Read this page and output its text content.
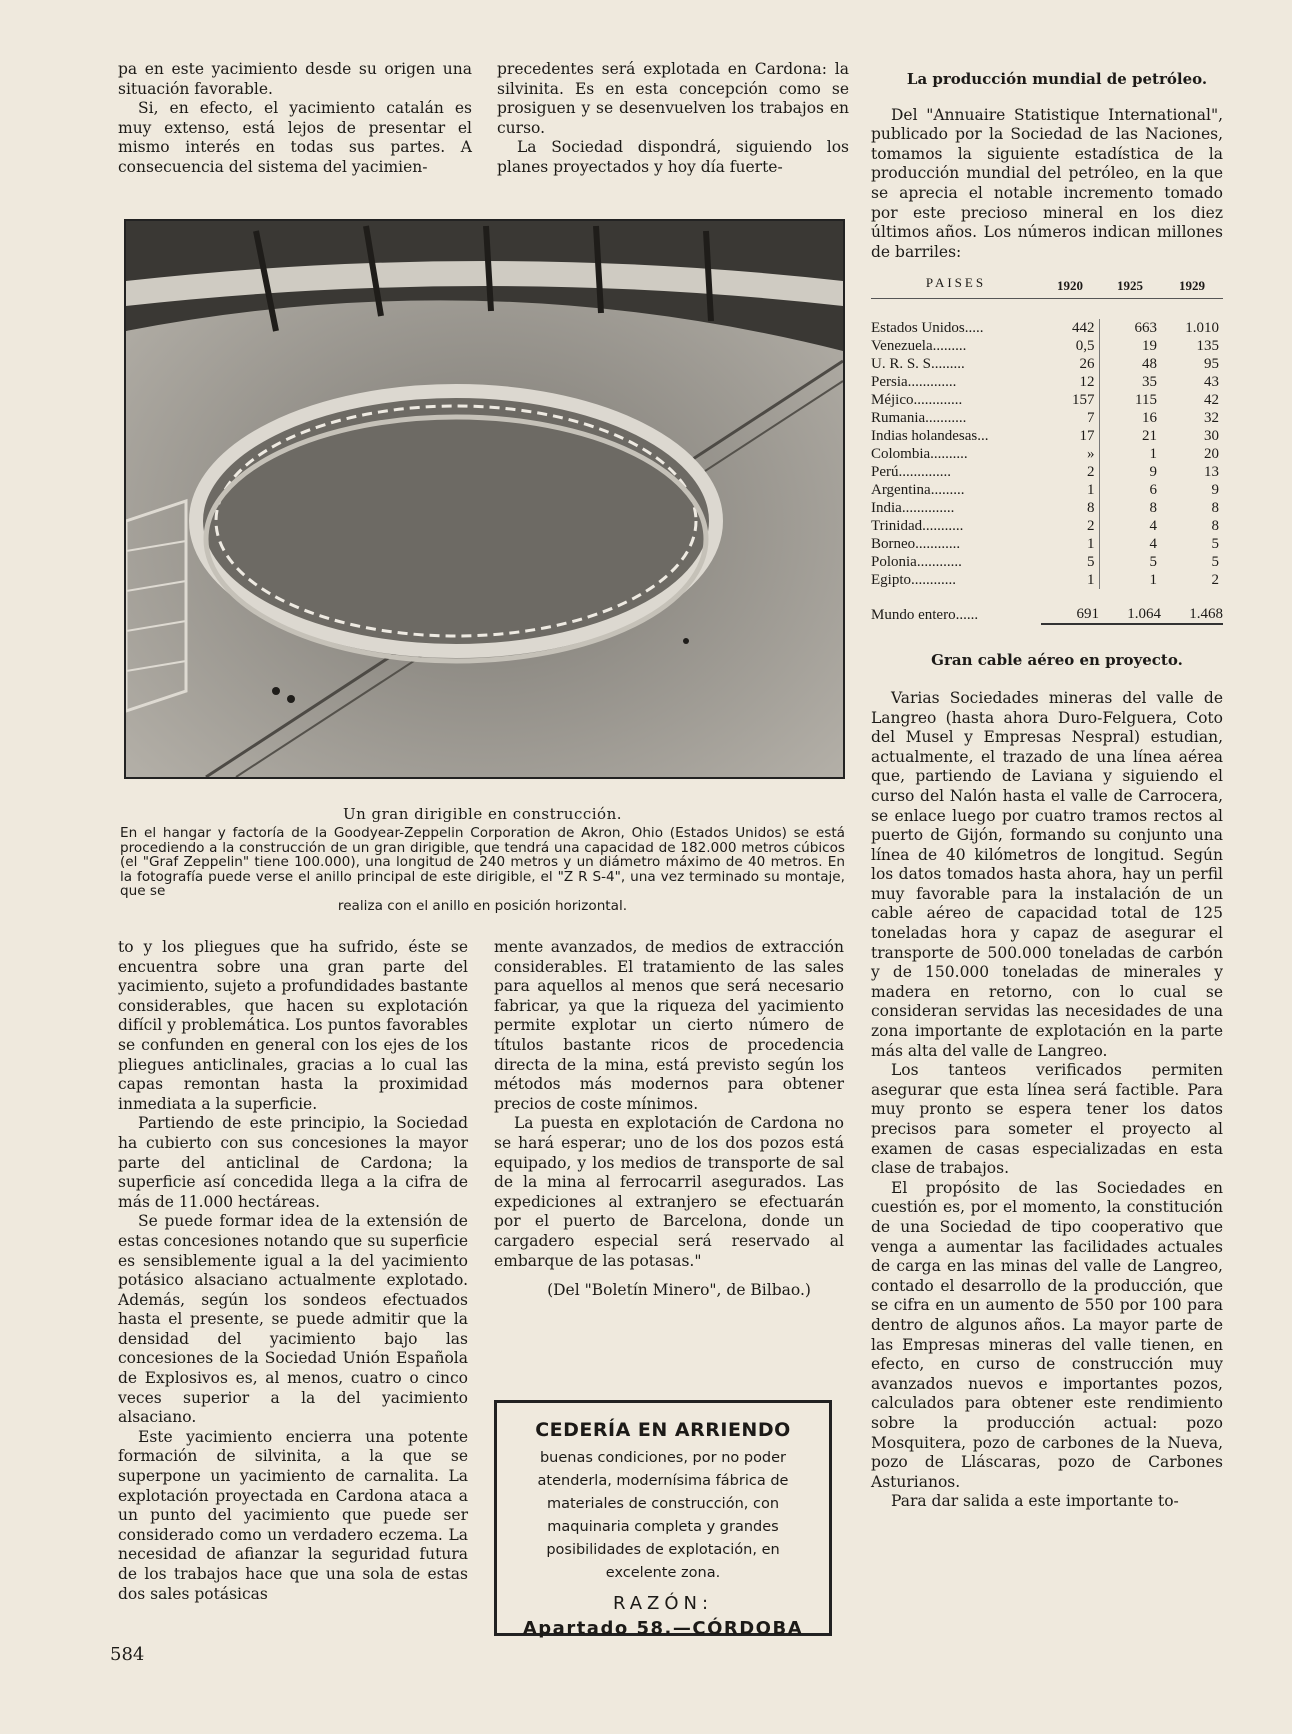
pa en este yacimiento desde su origen una situación favorable.

Si, en efecto, el yacimiento catalán es muy extenso, está lejos de presentar el mismo interés en todas sus partes. A consecuencia del sistema del yacimien-

precedentes será explotada en Cardona: la silvinita. Es en esta concepción como se prosiguen y se desenvuelven los trabajos en curso.

La Sociedad dispondrá, siguiendo los planes proyectados y hoy día fuerte-

Un gran dirigible en construcción.
En el hangar y factoría de la Goodyear-Zeppelin Corporation de Akron, Ohio (Estados Unidos) se está procediendo a la construcción de un gran dirigible, que tendrá una capacidad de 182.000 metros cúbicos (el "Graf Zeppelin" tiene 100.000), una longitud de 240 metros y un diámetro máximo de 40 metros. En la fotografía puede verse el anillo principal de este dirigible, el "Z R S-4", una vez terminado su montaje, que se
realiza con el anillo en posición horizontal.

to y los pliegues que ha sufrido, éste se encuentra sobre una gran parte del yacimiento, sujeto a profundidades bastante considerables, que hacen su explotación difícil y problemática. Los puntos favorables se confunden en general con los ejes de los pliegues anticlinales, gracias a lo cual las capas remontan hasta la proximidad inmediata a la superficie.

Partiendo de este principio, la Sociedad ha cubierto con sus concesiones la mayor parte del anticlinal de Cardona; la superficie así concedida llega a la cifra de más de 11.000 hectáreas.

Se puede formar idea de la extensión de estas concesiones notando que su superficie es sensiblemente igual a la del yacimiento potásico alsaciano actualmente explotado. Además, según los sondeos efectuados hasta el presente, se puede admitir que la densidad del yacimiento bajo las concesiones de la Sociedad Unión Española de Explosivos es, al menos, cuatro o cinco veces superior a la del yacimiento alsaciano.

Este yacimiento encierra una potente formación de silvinita, a la que se superpone un yacimiento de carnalita. La explotación proyectada en Cardona ataca a un punto del yacimiento que puede ser considerado como un verdadero eczema. La necesidad de afianzar la seguridad futura de los trabajos hace que una sola de estas dos sales potásicas

mente avanzados, de medios de extracción considerables. El tratamiento de las sales para aquellos al menos que será necesario fabricar, ya que la riqueza del yacimiento permite explotar un cierto número de títulos bastante ricos de procedencia directa de la mina, está previsto según los métodos más modernos para obtener precios de coste mínimos.

La puesta en explotación de Cardona no se hará esperar; uno de los dos pozos está equipado, y los medios de transporte de sal de la mina al ferrocarril asegurados. Las expediciones al extranjero se efectuarán por el puerto de Barcelona, donde un cargadero especial será reservado al embarque de las potasas."

(Del "Boletín Minero", de Bilbao.)

CEDERÍA EN ARRIENDO
buenas condiciones, por no poder atenderla, modernísima fábrica de materiales de construcción, con maquinaria completa y grandes posibilidades de explotación, en excelente zona.
RAZÓN:
Apartado 58.—CÓRDOBA

La producción mundial de petróleo.

Del "Annuaire Statistique International", publicado por la Sociedad de las Naciones, tomamos la siguiente estadística de la producción mundial del petróleo, en la que se aprecia el notable incremento tomado por este precioso mineral en los diez últimos años. Los números indican millones de barriles:

PAISES	1920	1925	1929

Estados Unidos.....	442	663	1.010
Venezuela.........	0,5	19	135
U. R. S. S.........	26	48	95
Persia.............	12	35	43
Méjico.............	157	115	42
Rumania...........	7	16	32
Indias holandesas...	17	21	30
Colombia..........	»	1	20
Perú..............	2	9	13
Argentina.........	1	6	9
India..............	8	8	8
Trinidad...........	2	4	8
Borneo............	1	4	5
Polonia............	5	5	5
Egipto............	1	1	2

Mundo entero......	691	1.064	1.468

Gran cable aéreo en proyecto.

Varias Sociedades mineras del valle de Langreo (hasta ahora Duro-Felguera, Coto del Musel y Empresas Nespral) estudian, actualmente, el trazado de una línea aérea que, partiendo de Laviana y siguiendo el curso del Nalón hasta el valle de Carrocera, se enlace luego por cuatro tramos rectos al puerto de Gijón, formando su conjunto una línea de 40 kilómetros de longitud. Según los datos tomados hasta ahora, hay un perfil muy favorable para la instalación de un cable aéreo de capacidad total de 125 toneladas hora y capaz de asegurar el transporte de 500.000 toneladas de carbón y de 150.000 toneladas de minerales y madera en retorno, con lo cual se consideran servidas las necesidades de una zona importante de explotación en la parte más alta del valle de Langreo.

Los tanteos verificados permiten asegurar que esta línea será factible. Para muy pronto se espera tener los datos precisos para someter el proyecto al examen de casas especializadas en esta clase de trabajos.

El propósito de las Sociedades en cuestión es, por el momento, la constitución de una Sociedad de tipo cooperativo que venga a aumentar las facilidades actuales de carga en las minas del valle de Langreo, contado el desarrollo de la producción, que se cifra en un aumento de 550 por 100 para dentro de algunos años. La mayor parte de las Empresas mineras del valle tienen, en efecto, en curso de construcción muy avanzados nuevos e importantes pozos, calculados para obtener este rendimiento sobre la producción actual: pozo Mosquitera, pozo de carbones de la Nueva, pozo de Lláscaras, pozo de Carbones Asturianos.

Para dar salida a este importante to-

584
